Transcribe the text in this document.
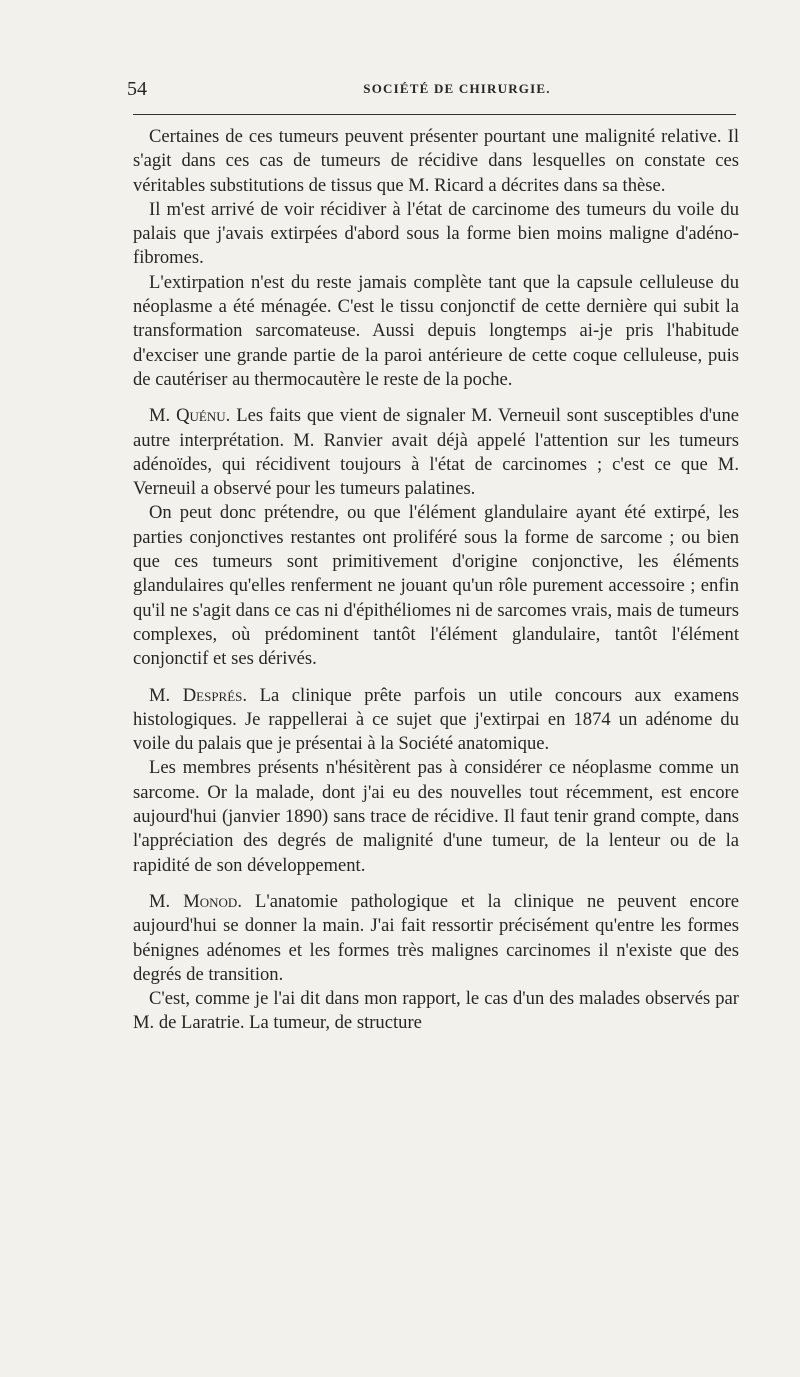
54	SOCIÉTÉ DE CHIRURGIE.

Certaines de ces tumeurs peuvent présenter pourtant une malignité relative. Il s'agit dans ces cas de tumeurs de récidive dans lesquelles on constate ces véritables substitutions de tissus que M. Ricard a décrites dans sa thèse.

Il m'est arrivé de voir récidiver à l'état de carcinome des tumeurs du voile du palais que j'avais extirpées d'abord sous la forme bien moins maligne d'adéno-fibromes.

L'extirpation n'est du reste jamais complète tant que la capsule celluleuse du néoplasme a été ménagée. C'est le tissu conjonctif de cette dernière qui subit la transformation sarcomateuse. Aussi depuis longtemps ai-je pris l'habitude d'exciser une grande partie de la paroi antérieure de cette coque celluleuse, puis de cautériser au thermocautère le reste de la poche.

M. Quénu. Les faits que vient de signaler M. Verneuil sont susceptibles d'une autre interprétation. M. Ranvier avait déjà appelé l'attention sur les tumeurs adénoïdes, qui récidivent toujours à l'état de carcinomes ; c'est ce que M. Verneuil a observé pour les tumeurs palatines.

On peut donc prétendre, ou que l'élément glandulaire ayant été extirpé, les parties conjonctives restantes ont proliféré sous la forme de sarcome ; ou bien que ces tumeurs sont primitivement d'origine conjonctive, les éléments glandulaires qu'elles renferment ne jouant qu'un rôle purement accessoire ; enfin qu'il ne s'agit dans ce cas ni d'épithéliomes ni de sarcomes vrais, mais de tumeurs complexes, où prédominent tantôt l'élément glandulaire, tantôt l'élément conjonctif et ses dérivés.

M. Després. La clinique prête parfois un utile concours aux examens histologiques. Je rappellerai à ce sujet que j'extirpai en 1874 un adénome du voile du palais que je présentai à la Société anatomique.

Les membres présents n'hésitèrent pas à considérer ce néoplasme comme un sarcome. Or la malade, dont j'ai eu des nouvelles tout récemment, est encore aujourd'hui (janvier 1890) sans trace de récidive. Il faut tenir grand compte, dans l'appréciation des degrés de malignité d'une tumeur, de la lenteur ou de la rapidité de son développement.

M. Monod. L'anatomie pathologique et la clinique ne peuvent encore aujourd'hui se donner la main. J'ai fait ressortir précisément qu'entre les formes bénignes adénomes et les formes très malignes carcinomes il n'existe que des degrés de transition.

C'est, comme je l'ai dit dans mon rapport, le cas d'un des malades observés par M. de Laratrie. La tumeur, de structure
